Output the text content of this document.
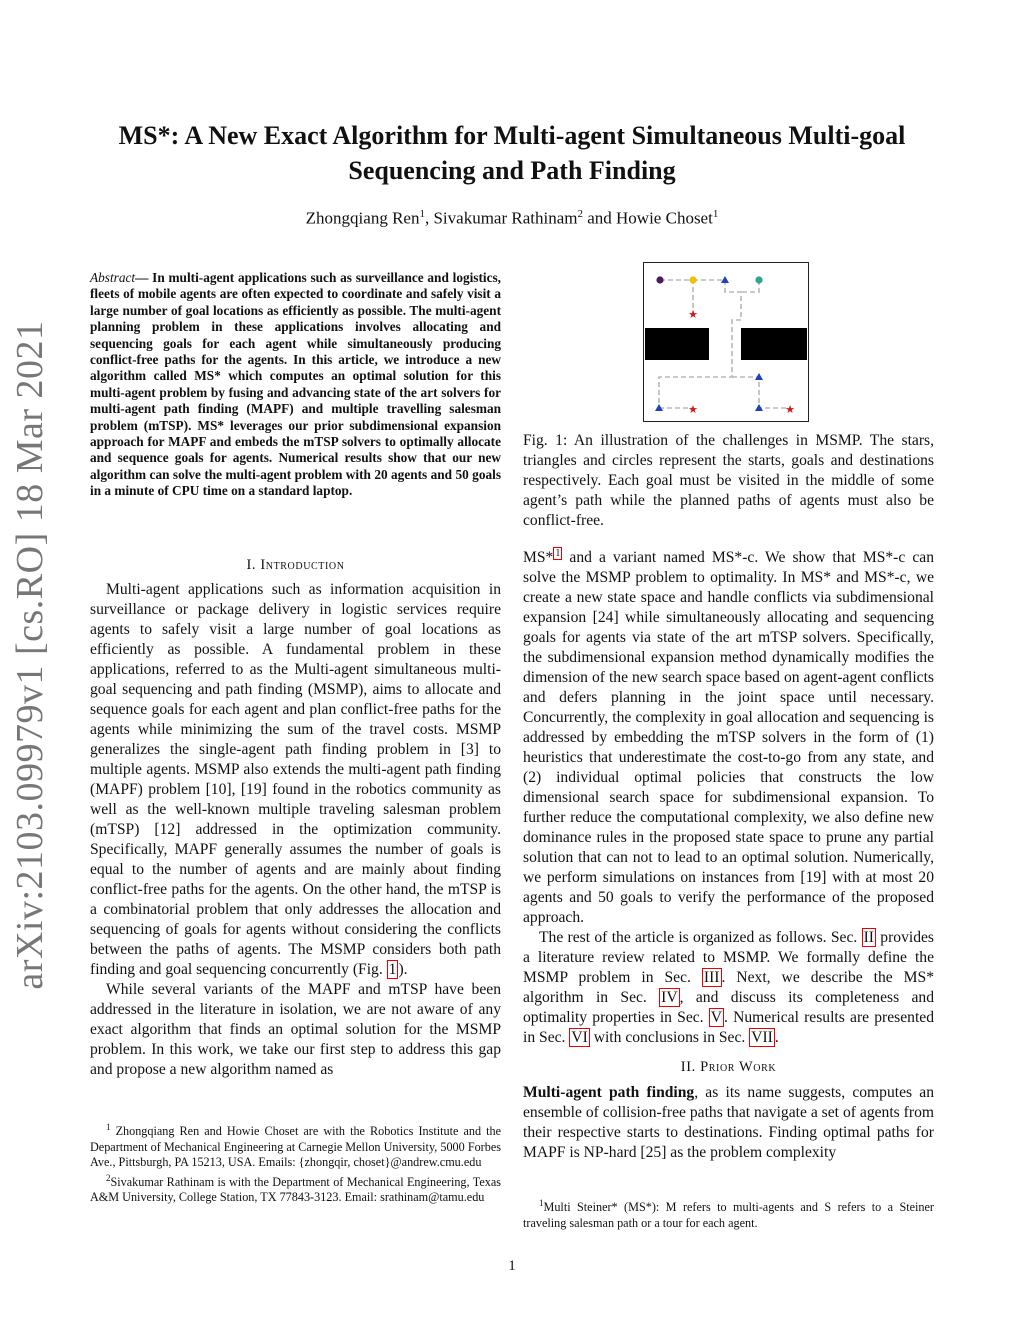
arXiv:2103.09979v1 [cs.RO] 18 Mar 2021
MS*: A New Exact Algorithm for Multi-agent Simultaneous Multi-goal
Sequencing and Path Finding
Zhongqiang Ren$^1$, Sivakumar Rathinam$^2$ and Howie Choset$^1$
Abstract— In multi-agent applications such as surveillance and logistics, fleets of mobile agents are often expected to coordinate and safely visit a large number of goal locations as efficiently as possible. The multi-agent planning problem in these applications involves allocating and sequencing goals for each agent while simultaneously producing conflict-free paths for the agents. In this article, we introduce a new algorithm called MS* which computes an optimal solution for this multi-agent problem by fusing and advancing state of the art solvers for multi-agent path finding (MAPF) and multiple travelling salesman problem (mTSP). MS* leverages our prior subdimensional expansion approach for MAPF and embeds the mTSP solvers to optimally allocate and sequence goals for agents. Numerical results show that our new algorithm can solve the multi-agent problem with 20 agents and 50 goals in a minute of CPU time on a standard laptop.
I. Introduction

Multi-agent applications such as information acquisition in surveillance or package delivery in logistic services require agents to safely visit a large number of goal locations as efficiently as possible. A fundamental problem in these applications, referred to as the Multi-agent simultaneous multi-goal sequencing and path finding (MSMP), aims to allocate and sequence goals for each agent and plan conflict-free paths for the agents while minimizing the sum of the travel costs. MSMP generalizes the single-agent path finding problem in [3] to multiple agents. MSMP also extends the multi-agent path finding (MAPF) problem [10], [19] found in the robotics community as well as the well-known multiple traveling salesman problem (mTSP) [12] addressed in the optimization community. Specifically, MAPF generally assumes the number of goals is equal to the number of agents and are mainly about finding conflict-free paths for the agents. On the other hand, the mTSP is a combinatorial problem that only addresses the allocation and sequencing of goals for agents without considering the conflicts between the paths of agents. The MSMP considers both path finding and goal sequencing concurrently (Fig. 1 ).

While several variants of the MAPF and mTSP have been addressed in the literature in isolation, we are not aware of any exact algorithm that finds an optimal solution for the MSMP problem. In this work, we take our first step to address this gap and propose a new algorithm named as

$^1$ Zhongqiang Ren and Howie Choset are with the Robotics Institute and the Department of Mechanical Engineering at Carnegie Mellon University, 5000 Forbes Ave., Pittsburgh, PA 15213, USA. Emails: {zhongqir, choset}@andrew.cmu.edu

$^2$Sivakumar Rathinam is with the Department of Mechanical Engineering, Texas A&M University, College Station, TX 77843-3123. Email: srathinam@tamu.edu

★
★	★
Fig. 1: An illustration of the challenges in MSMP. The stars, triangles and circles represent the starts, goals and destinations respectively. Each goal must be visited in the middle of some agent’s path while the planned paths of agents must also be conflict-free.

MS* $^1$ and a variant named MS*-c. We show that MS*-c can solve the MSMP problem to optimality. In MS* and MS*-c, we create a new state space and handle conflicts via subdimensional expansion [24] while simultaneously allocating and sequencing goals for agents via state of the art mTSP solvers. Specifically, the subdimensional expansion method dynamically modifies the dimension of the new search space based on agent-agent conflicts and defers planning in the joint space until necessary. Concurrently, the complexity in goal allocation and sequencing is addressed by embedding the mTSP solvers in the form of (1) heuristics that underestimate the cost-to-go from any state, and (2) individual optimal policies that constructs the low dimensional search space for subdimensional expansion. To further reduce the computational complexity, we also define new dominance rules in the proposed state space to prune any partial solution that can not to lead to an optimal solution. Numerically, we perform simulations on instances from [19] with at most 20 agents and 50 goals to verify the performance of the proposed approach.

The rest of the article is organized as follows. Sec. II provides a literature review related to MSMP. We formally define the MSMP problem in Sec. III . Next, we describe the MS* algorithm in Sec. IV , and discuss its completeness and optimality properties in Sec. V . Numerical results are presented in Sec. VI with conclusions in Sec. VII .

II. Prior Work

Multi-agent path finding, as its name suggests, computes an ensemble of collision-free paths that navigate a set of agents from their respective starts to destinations. Finding optimal paths for MAPF is NP-hard [25] as the problem complexity

$^1$Multi Steiner* (MS*): M refers to multi-agents and S refers to a Steiner traveling salesman path or a tour for each agent.

1
